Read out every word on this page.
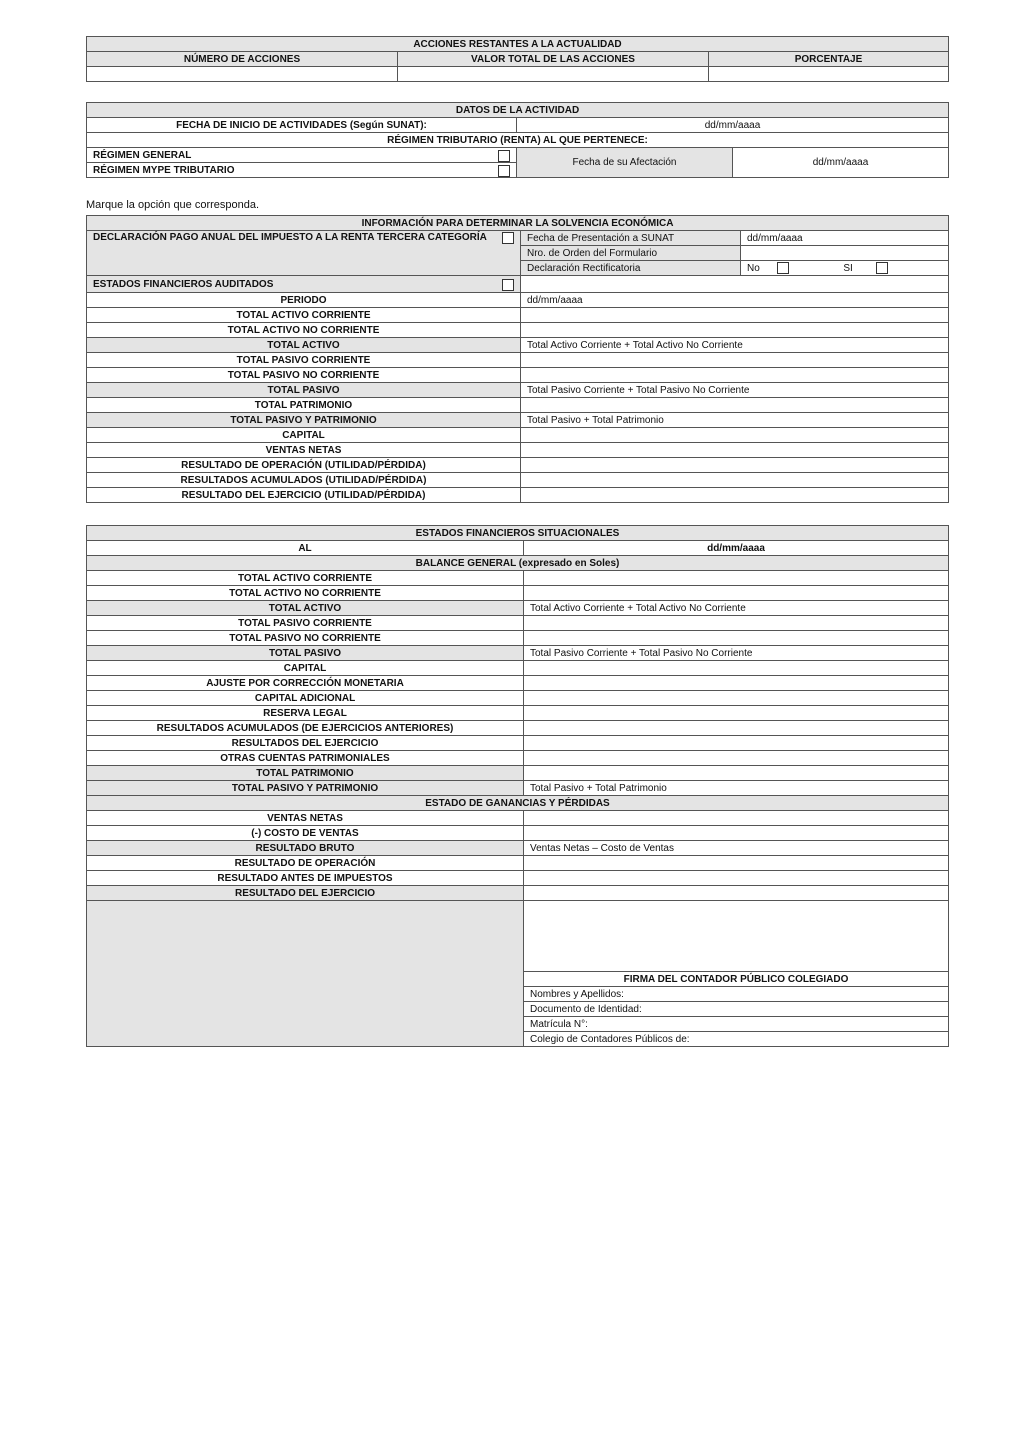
ACCIONES RESTANTES A LA ACTUALIDAD		
NÚMERO DE ACCIONES	VALOR TOTAL DE LAS ACCIONES	PORCENTAJE

DATOS DE LA ACTIVIDAD		
FECHA DE INICIO DE ACTIVIDADES (Según SUNAT):	dd/mm/aaaa	
RÉGIMEN TRIBUTARIO (RENTA) AL QUE PERTENECE:		
RÉGIMEN GENERAL	Fecha de su Afectación	dd/mm/aaaa
RÉGIMEN MYPE TRIBUTARIO		
Marque la opción que corresponda.
INFORMACIÓN PARA DETERMINAR LA SOLVENCIA ECONÓMICA		
DECLARACIÓN PAGO ANUAL DEL IMPUESTO A LA RENTA TERCERA CATEGORÍA	Fecha de Presentación a SUNAT	dd/mm/aaaa
	Nro. de Orden del Formulario	
	Declaración Rectificatoria	No SI
ESTADOS FINANCIEROS AUDITADOS	

PERIODO	dd/mm/aaaa	
TOTAL ACTIVO CORRIENTE		
TOTAL ACTIVO NO CORRIENTE		
TOTAL ACTIVO	Total Activo Corriente + Total Activo No Corriente	
TOTAL PASIVO CORRIENTE		
TOTAL PASIVO NO CORRIENTE		
TOTAL PASIVO	Total Pasivo Corriente + Total Pasivo No Corriente	
TOTAL PATRIMONIO		
TOTAL PASIVO Y PATRIMONIO	Total Pasivo + Total Patrimonio	
CAPITAL		
VENTAS NETAS		
RESULTADO DE OPERACIÓN (UTILIDAD/PÉRDIDA)		
RESULTADOS ACUMULADOS (UTILIDAD/PÉRDIDA)		
RESULTADO DEL EJERCICIO (UTILIDAD/PÉRDIDA)		
ESTADOS FINANCIEROS SITUACIONALES	
AL	dd/mm/aaaa
BALANCE GENERAL (expresado en Soles)	
TOTAL ACTIVO CORRIENTE	
TOTAL ACTIVO NO CORRIENTE	
TOTAL ACTIVO	Total Activo Corriente + Total Activo No Corriente
TOTAL PASIVO CORRIENTE	
TOTAL PASIVO NO CORRIENTE	
TOTAL PASIVO	Total Pasivo Corriente + Total Pasivo No Corriente
CAPITAL	
AJUSTE POR CORRECCIÓN MONETARIA	
CAPITAL ADICIONAL	
RESERVA LEGAL	
RESULTADOS ACUMULADOS (DE EJERCICIOS ANTERIORES)	
RESULTADOS DEL EJERCICIO	
OTRAS CUENTAS PATRIMONIALES	
TOTAL PATRIMONIO	
TOTAL PASIVO Y PATRIMONIO	Total Pasivo + Total Patrimonio
ESTADO DE GANANCIAS Y PÉRDIDAS	
VENTAS NETAS	
(-) COSTO DE VENTAS	
RESULTADO BRUTO	Ventas Netas – Costo de Ventas
RESULTADO DE OPERACIÓN	
RESULTADO ANTES DE IMPUESTOS	
RESULTADO DEL EJERCICIO	

	FIRMA DEL CONTADOR PÚBLICO COLEGIADO
	Nombres y Apellidos:
	Documento de Identidad:
	Matrícula N°:
	Colegio de Contadores Públicos de:
